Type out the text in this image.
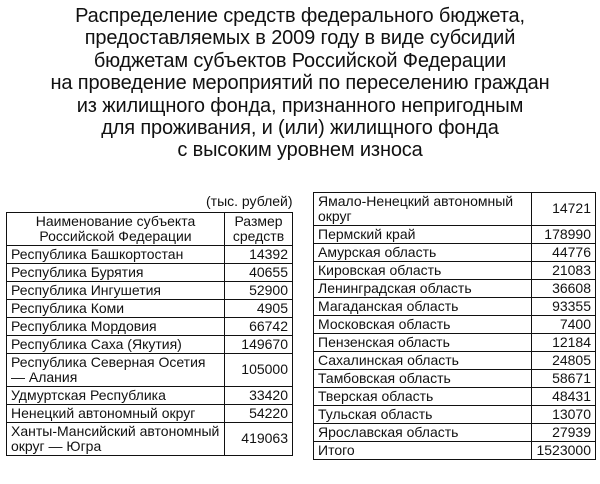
Распределение средств федерального бюджета,
предоставляемых в 2009 году в виде субсидий
бюджетам субъектов Российской Федерации
на проведение мероприятий по переселению граждан
из жилищного фонда, признанного непригодным
для проживания, и (или) жилищного фонда
с высоким уровнем износа
(тыс. рублей)
Наименование субъекта Российской Федерации	Размер средств
Республика Башкортостан	14392
Республика Бурятия	40655
Республика Ингушетия	52900
Республика Коми	4905
Республика Мордовия	66742
Республика Саха (Якутия)	149670
Республика Северная Осетия — Алания	105000
Удмуртская Республика	33420
Ненецкий автономный округ	54220
Ханты-Мансийский автономный округ — Югра	419063
Ямало-Ненецкий автономный округ	14721
Пермский край	178990
Амурская область	44776
Кировская область	21083
Ленинградская область	36608
Магаданская область	93355
Московская область	7400
Пензенская область	12184
Сахалинская область	24805
Тамбовская область	58671
Тверская область	48431
Тульская область	13070
Ярославская область	27939
Итого	1523000
